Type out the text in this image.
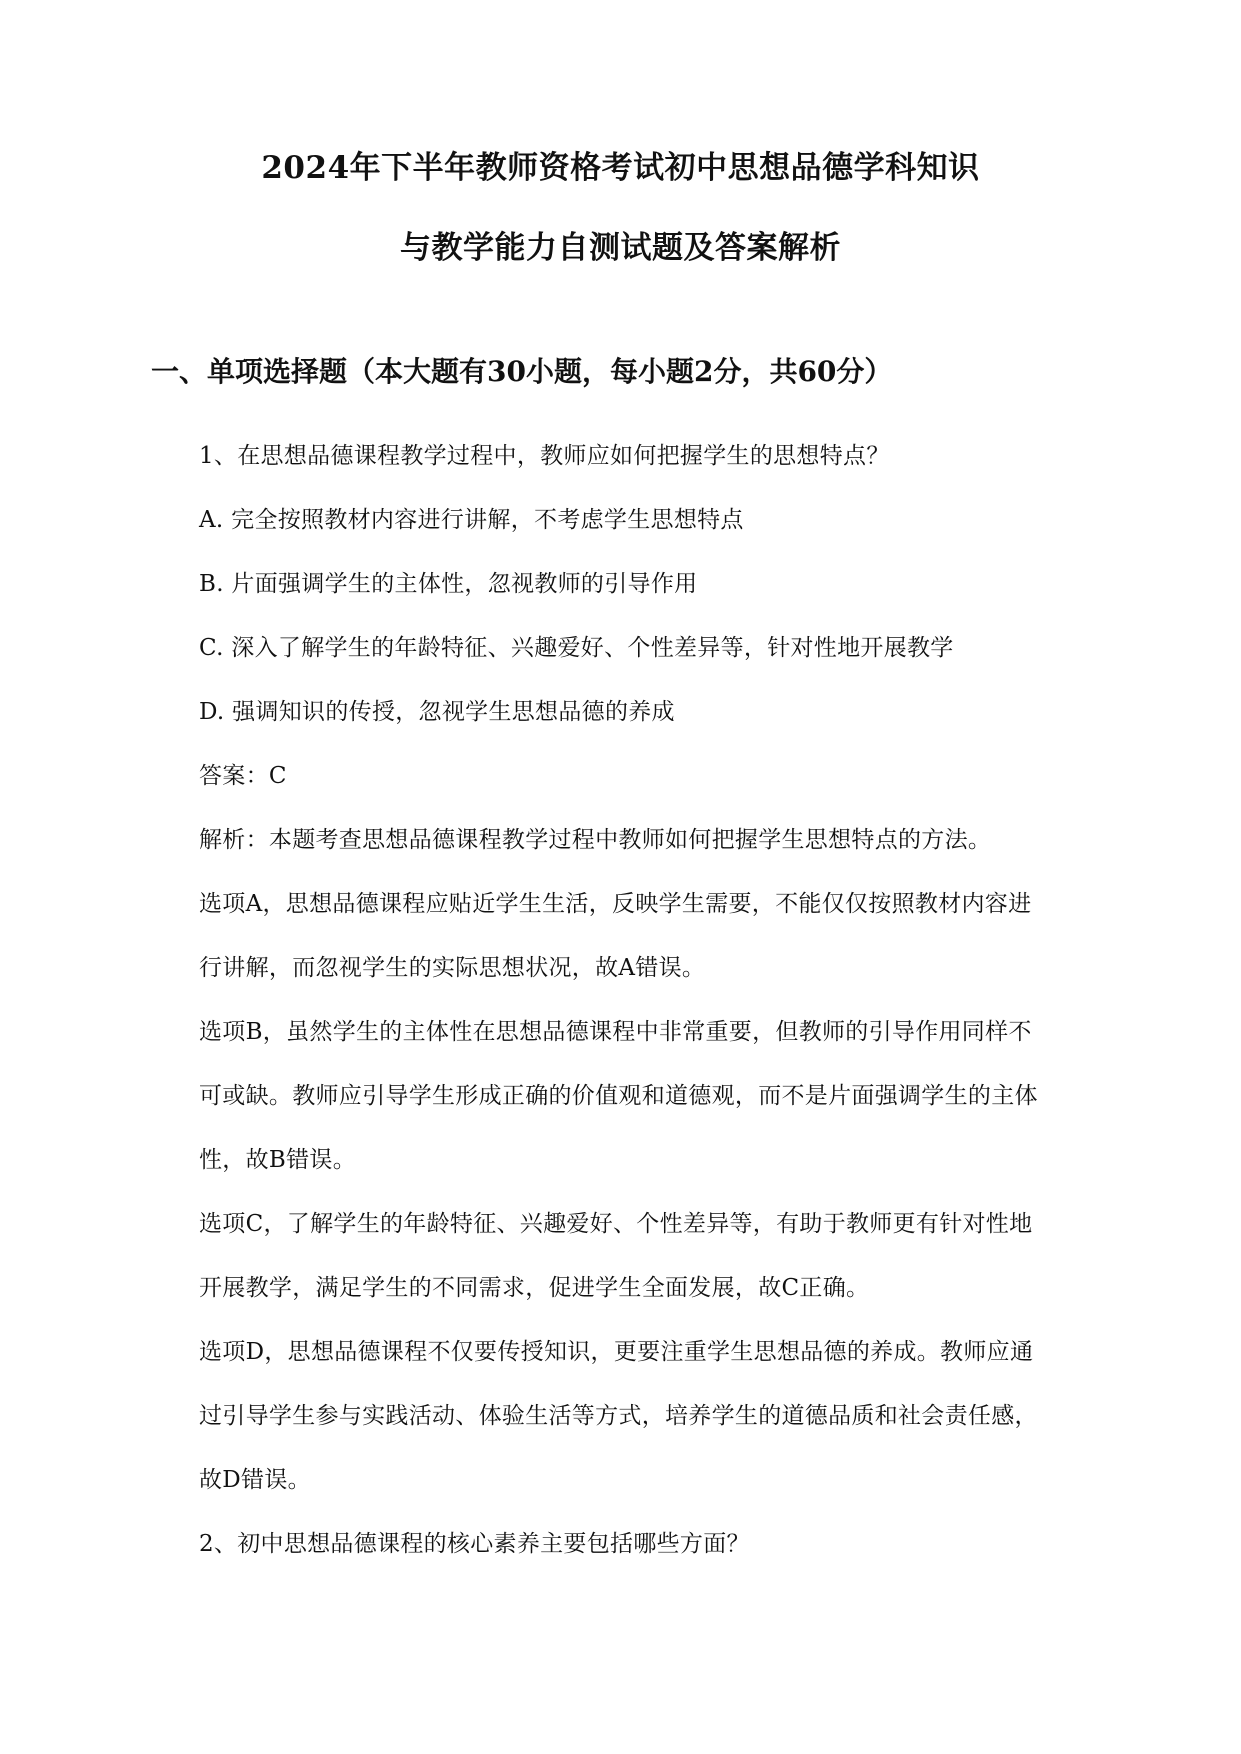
2024年下半年教师资格考试初中思想品德学科知识
与教学能力自测试题及答案解析
一、单项选择题（本大题有30小题，每小题2分，共60分）
1、在思想品德课程教学过程中，教师应如何把握学生的思想特点？
A. 完全按照教材内容进行讲解，不考虑学生思想特点
B. 片面强调学生的主体性，忽视教师的引导作用
C. 深入了解学生的年龄特征、兴趣爱好、个性差异等，针对性地开展教学
D. 强调知识的传授，忽视学生思想品德的养成
答案：C
解析：本题考查思想品德课程教学过程中教师如何把握学生思想特点的方法。
选项A，思想品德课程应贴近学生生活，反映学生需要，不能仅仅按照教材内容进
行讲解，而忽视学生的实际思想状况，故A错误。
选项B，虽然学生的主体性在思想品德课程中非常重要，但教师的引导作用同样不
可或缺。教师应引导学生形成正确的价值观和道德观，而不是片面强调学生的主体
性，故B错误。
选项C，了解学生的年龄特征、兴趣爱好、个性差异等，有助于教师更有针对性地
开展教学，满足学生的不同需求，促进学生全面发展，故C正确。
选项D，思想品德课程不仅要传授知识，更要注重学生思想品德的养成。教师应通
过引导学生参与实践活动、体验生活等方式，培养学生的道德品质和社会责任感，
故D错误。
2、初中思想品德课程的核心素养主要包括哪些方面？
